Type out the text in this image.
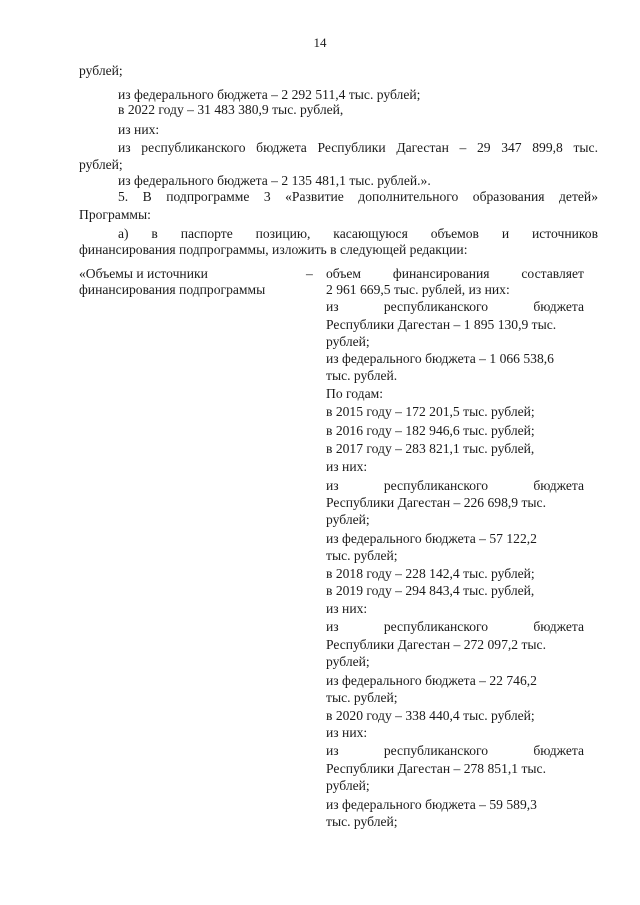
14
рублей;
из федерального бюджета – 2 292 511,4 тыс. рублей;
в 2022 году – 31 483 380,9 тыс. рублей,
из них:
из республиканского бюджета Республики Дагестан – 29 347 899,8 тыс.
рублей;
из федерального бюджета – 2 135 481,1 тыс. рублей.».
5. В подпрограмме 3 «Развитие дополнительного образования детей»
Программы:
а) в паспорте позицию, касающуюся объемов и источников
финансирования подпрограммы, изложить в следующей редакции:
«Объемы и источники
финансирования подпрограммы
– объем финансирования составляет
2 961 669,5 тыс. рублей, из них:
из республиканского бюджета
Республики Дагестан – 1 895 130,9 тыс.
рублей;
из федерального бюджета – 1 066 538,6
тыс. рублей.
По годам:
в 2015 году – 172 201,5 тыс. рублей;
в 2016 году – 182 946,6 тыс. рублей;
в 2017 году – 283 821,1 тыс. рублей,
из них:
из республиканского бюджета
Республики Дагестан – 226 698,9 тыс.
рублей;
из федерального бюджета – 57 122,2
тыс. рублей;
в 2018 году – 228 142,4 тыс. рублей;
в 2019 году – 294 843,4 тыс. рублей,
из них:
из республиканского бюджета
Республики Дагестан – 272 097,2 тыс.
рублей;
из федерального бюджета – 22 746,2
тыс. рублей;
в 2020 году – 338 440,4 тыс. рублей;
из них:
из республиканского бюджета
Республики Дагестан – 278 851,1 тыс.
рублей;
из федерального бюджета – 59 589,3
тыс. рублей;
